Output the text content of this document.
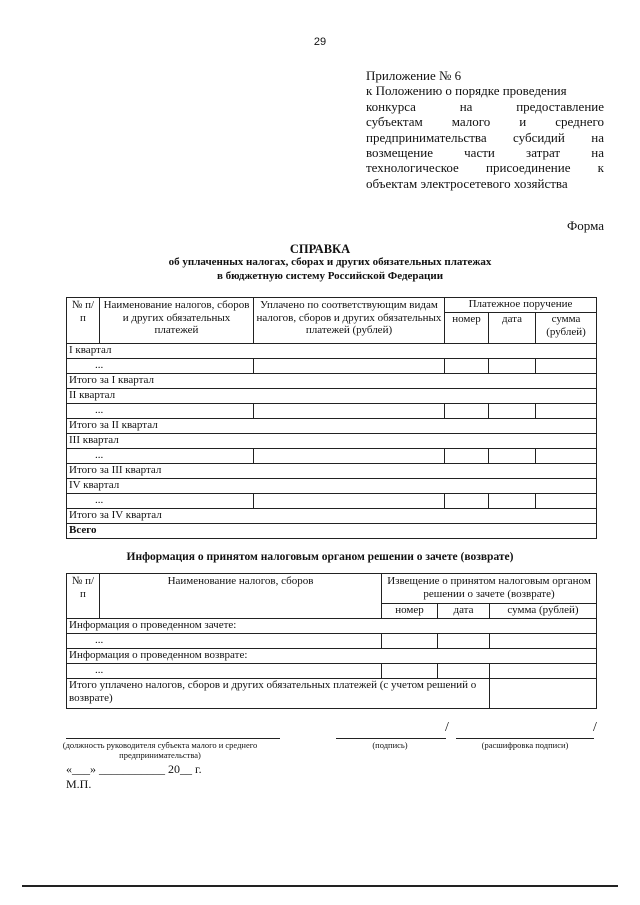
29
Приложение № 6
к Положению о порядке проведения
конкурса на предоставление
субъектам малого и среднего
предпринимательства субсидий на
возмещение части затрат на
технологическое присоединение к
объектам электросетевого хозяйства
Форма
СПРАВКА
об уплаченных налогах, сборах и других обязательных платежах
в бюджетную систему Российской Федерации
№ п/п	Наименование налогов, сборов и других обязательных платежей	Уплачено по соответствующим видам налогов, сборов и других обязательных платежей (рублей)	Платежное поручение		
			номер	дата	сумма (рублей)
I квартал					
...					
Итого за I квартал					
II квартал					
...					
Итого за II квартал					
III квартал					
...					
Итого за III квартал					
IV квартал					
...					
Итого за IV квартал					
Всего					
Информация о принятом налоговым органом решении о зачете (возврате)
№ п/п	Наименование налогов, сборов	Извещение о принятом налоговым органом решении о зачете (возврате)		
		номер	дата	сумма (рублей)
Информация о проведенном зачете:				
...				
Информация о проведенном возврате:				
...				
Итого уплачено налогов, сборов и других обязательных платежей (с учетом решений о возврате)				
/	/
(должность руководителя субъекта малого и среднего предпринимательства)
(подпись)	(расшифровка подписи)
«___» ___________ 20__ г.
М.П.
